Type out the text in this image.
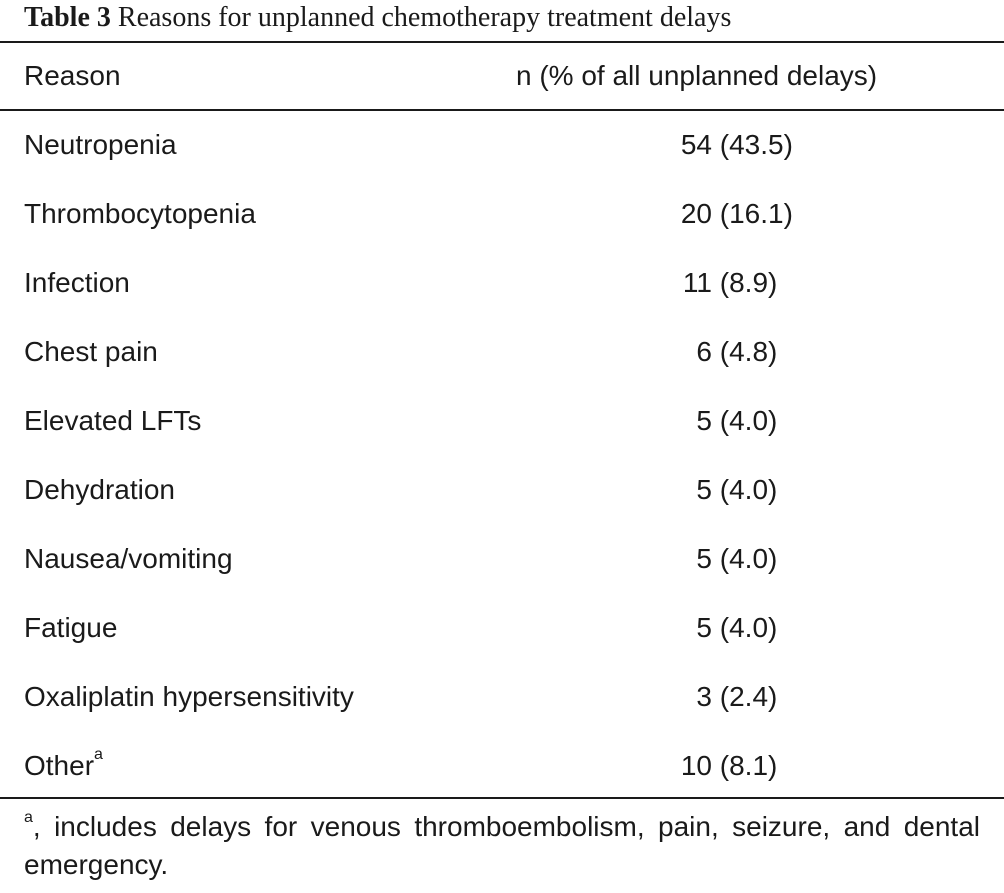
Table 3 Reasons for unplanned chemotherapy treatment delays
Reason	n (% of all unplanned delays)
Neutropenia	54 (43.5)
Thrombocytopenia	20 (16.1)
Infection	11 (8.9)
Chest pain	6 (4.8)
Elevated LFTs	5 (4.0)
Dehydration	5 (4.0)
Nausea/vomiting	5 (4.0)
Fatigue	5 (4.0)
Oxaliplatin hypersensitivity	3 (2.4)
Other$^a$	10 (8.1)
$^a$, includes delays for venous thromboembolism, pain, seizure, and dental emergency.
